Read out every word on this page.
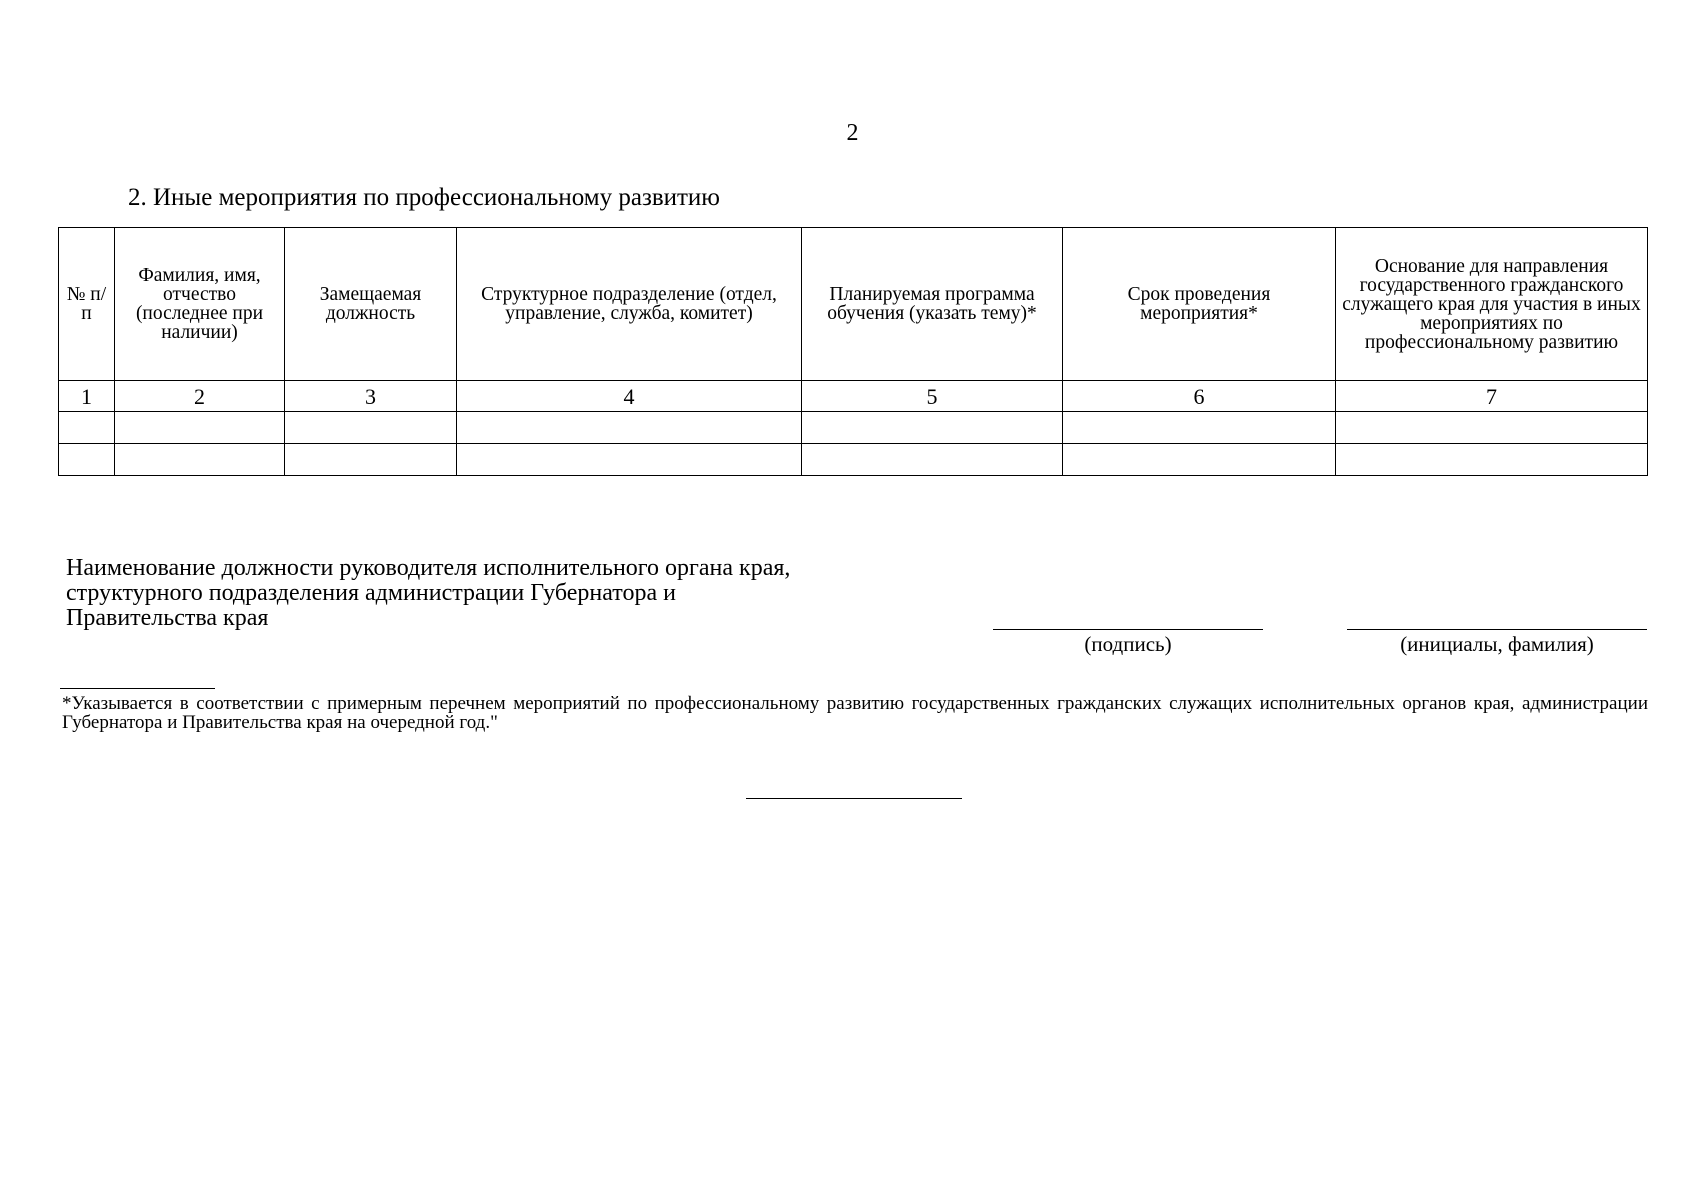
2
2. Иные мероприятия по профессиональному развитию
№ п/п	Фамилия, имя, отчество (последнее при наличии)	Замещаемая должность	Структурное подразделение (отдел, управление, служба, комитет)	Планируемая программа обучения (указать тему)*	Срок проведения мероприятия*	Основание для направления государственного гражданского служащего края для участия в иных мероприятиях по профессиональному развитию
1	2	3	4	5	6	7

Наименование должности руководителя исполнительного органа края, структурного подразделения администрации Губернатора и Правительства края
(подпись)	(инициалы, фамилия)
*Указывается в соответствии с примерным перечнем мероприятий по профессиональному развитию государственных гражданских служащих исполнительных органов края, администрации Губернатора и Правительства края на очередной год."
